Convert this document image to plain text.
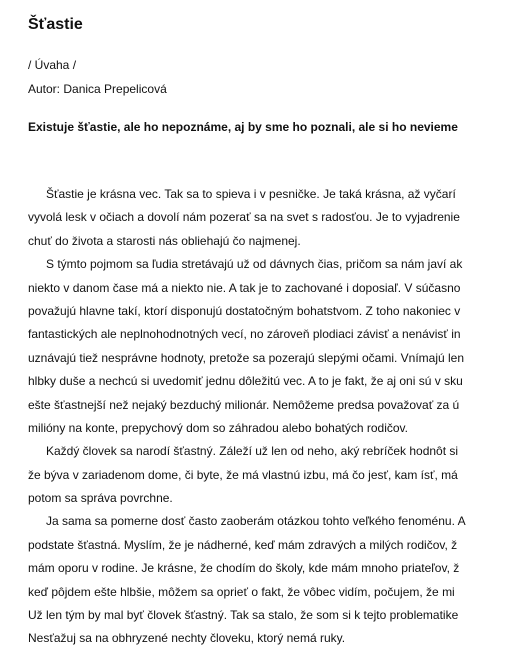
Šťastie
/ Úvaha /
Autor: Danica Prepelicová
Existuje šťastie, ale ho nepoznáme, aj by sme ho poznali, ale si ho nevieme
Šťastie je krásna vec. Tak sa to spieva i v pesničke. Je taká krásna, až vyčarí
vyvolá lesk v očiach a dovolí nám pozerať sa na svet s radosťou. Je to vyjadrenie
chuť do života a starosti nás obliehajú čo najmenej.
S týmto pojmom sa ľudia stretávajú už od dávnych čias, pričom sa nám javí ak
niekto v danom čase má a niekto nie. A tak je to zachované i doposiaľ. V súčasno
považujú hlavne takí, ktorí disponujú dostatočným bohatstvom. Z toho nakoniec v
fantastických ale neplnohodnotných vecí, no zároveň plodiaci závisť a nenávisť in
uznávajú tiež nesprávne hodnoty, pretože sa pozerajú slepými očami. Vnímajú len
hlbky duše a nechcú si uvedomiť jednu dôležitú vec. A to je fakt, že aj oni sú v sku
ešte šťastnejší než nejaký bezduchý milionár. Nemôžeme predsa považovať za ú
milióny na konte, prepychový dom so záhradou alebo bohatých rodičov.
Každý človek sa narodí šťastný. Záleží už len od neho, aký rebríček hodnôt si
že býva v zariadenom dome, či byte, že má vlastnú izbu, má čo jesť, kam ísť, má
potom sa správa povrchne.
Ja sama sa pomerne dosť často zaoberám otázkou tohto veľkého fenoménu. A
podstate šťastná. Myslím, že je nádherné, keď mám zdravých a milých rodičov, ž
mám oporu v rodine. Je krásne, že chodím do školy, kde mám mnoho priateľov, ž
keď pôjdem ešte hlbšie, môžem sa oprieť o fakt, že vôbec vidím, počujem, že mi
Už len tým by mal byť človek šťastný. Tak sa stalo, že som si k tejto problematike
Nesťažuj sa na obhryzené nechty človeku, ktorý nemá ruky.
